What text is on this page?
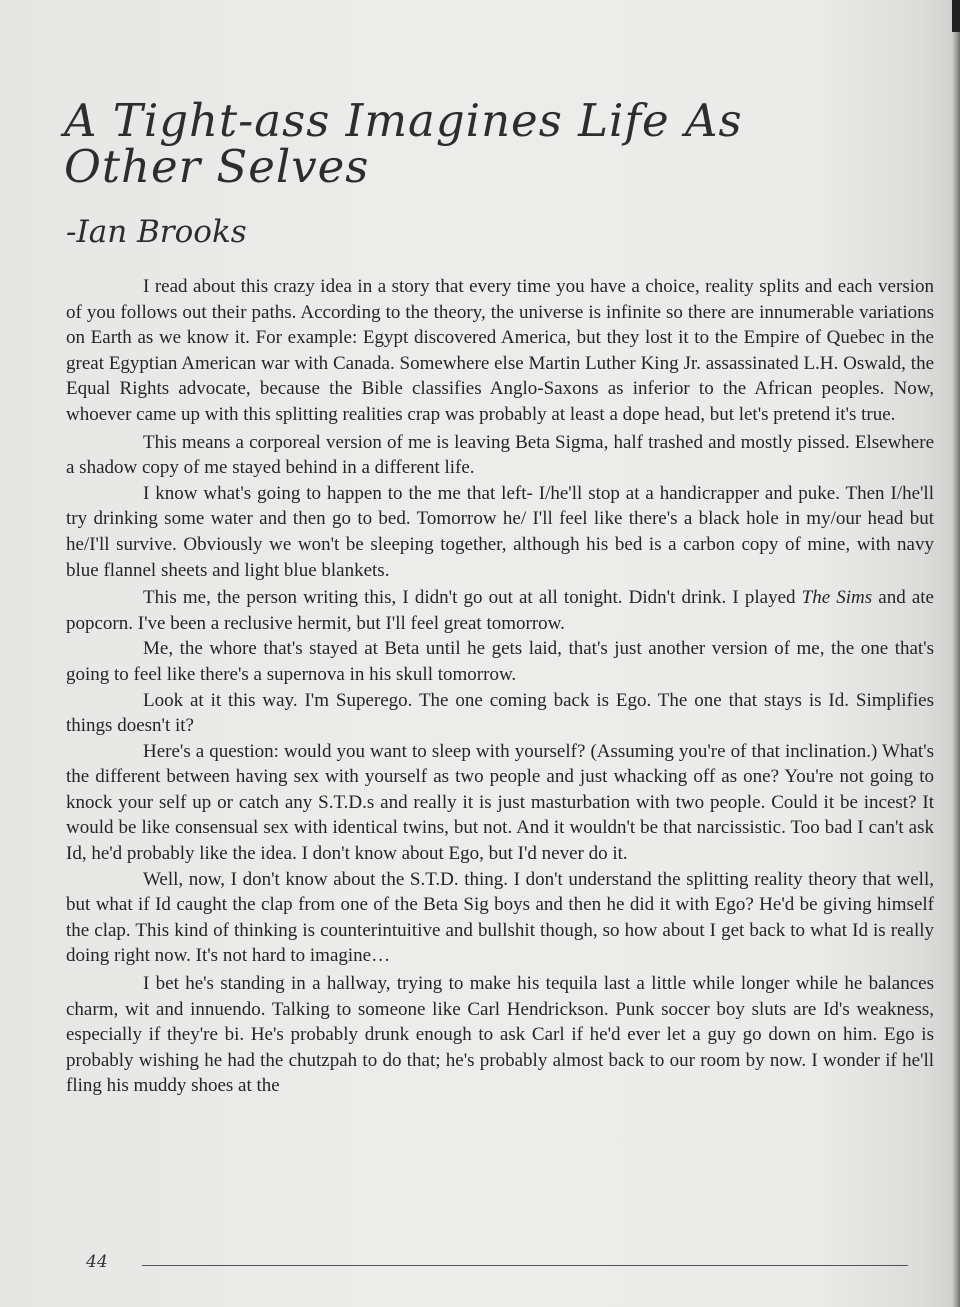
A Tight-ass Imagines Life As Other Selves
-Ian Brooks

I read about this crazy idea in a story that every time you have a choice, reality splits and each version of you follows out their paths. According to the theory, the universe is infinite so there are innumerable variations on Earth as we know it. For example: Egypt discovered America, but they lost it to the Empire of Quebec in the great Egyptian American war with Canada. Somewhere else Martin Luther King Jr. assassinated L.H. Oswald, the Equal Rights advocate, because the Bible classifies Anglo-Saxons as inferior to the African peoples. Now, whoever came up with this splitting realities crap was probably at least a dope head, but let's pretend it's true.

This means a corporeal version of me is leaving Beta Sigma, half trashed and mostly pissed. Elsewhere a shadow copy of me stayed behind in a different life.

I know what's going to happen to the me that left- I/he'll stop at a handicrapper and puke. Then I/he'll try drinking some water and then go to bed. Tomorrow he/ I'll feel like there's a black hole in my/our head but he/I'll survive. Obviously we won't be sleeping together, although his bed is a carbon copy of mine, with navy blue flannel sheets and light blue blankets.

This me, the person writing this, I didn't go out at all tonight. Didn't drink. I played The Sims and ate popcorn. I've been a reclusive hermit, but I'll feel great tomorrow.

Me, the whore that's stayed at Beta until he gets laid, that's just another version of me, the one that's going to feel like there's a supernova in his skull tomorrow.

Look at it this way. I'm Superego. The one coming back is Ego. The one that stays is Id. Simplifies things doesn't it?

Here's a question: would you want to sleep with yourself? (Assuming you're of that inclination.) What's the different between having sex with yourself as two people and just whacking off as one? You're not going to knock your self up or catch any S.T.D.s and really it is just masturbation with two people. Could it be incest? It would be like consensual sex with identical twins, but not. And it wouldn't be that narcissistic. Too bad I can't ask Id, he'd probably like the idea. I don't know about Ego, but I'd never do it.

Well, now, I don't know about the S.T.D. thing. I don't understand the splitting reality theory that well, but what if Id caught the clap from one of the Beta Sig boys and then he did it with Ego? He'd be giving himself the clap. This kind of thinking is counterintuitive and bullshit though, so how about I get back to what Id is really doing right now. It's not hard to imagine…

I bet he's standing in a hallway, trying to make his tequila last a little while longer while he balances charm, wit and innuendo. Talking to someone like Carl Hendrickson. Punk soccer boy sluts are Id's weakness, especially if they're bi. He's probably drunk enough to ask Carl if he'd ever let a guy go down on him. Ego is probably wishing he had the chutzpah to do that; he's probably almost back to our room by now. I wonder if he'll fling his muddy shoes at the

44
